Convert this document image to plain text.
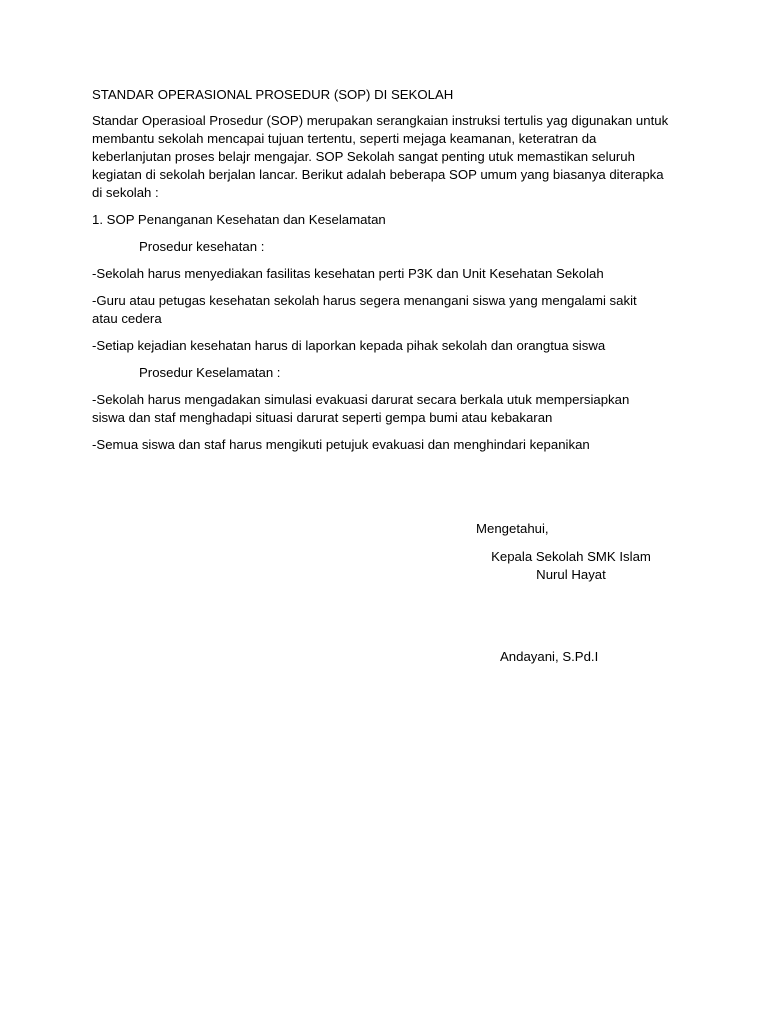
STANDAR OPERASIONAL PROSEDUR (SOP) DI SEKOLAH

Standar Operasioal Prosedur (SOP) merupakan serangkaian instruksi tertulis yag digunakan untuk membantu sekolah mencapai tujuan tertentu, seperti mejaga keamanan, keteratran da keberlanjutan proses belajr mengajar. SOP Sekolah sangat penting utuk memastikan seluruh kegiatan di sekolah berjalan lancar. Berikut adalah beberapa SOP umum yang biasanya diterapka di sekolah :

1. SOP Penanganan Kesehatan dan Keselamatan

Prosedur kesehatan :

-Sekolah harus menyediakan fasilitas kesehatan perti P3K dan Unit Kesehatan Sekolah

-Guru atau petugas kesehatan sekolah harus segera menangani siswa yang mengalami sakit atau cedera

-Setiap kejadian kesehatan harus di laporkan kepada pihak sekolah dan orangtua siswa

Prosedur Keselamatan :

-Sekolah harus mengadakan simulasi evakuasi darurat secara berkala utuk mempersiapkan siswa dan staf menghadapi situasi darurat seperti gempa bumi atau kebakaran

-Semua siswa dan staf harus mengikuti petujuk evakuasi dan menghindari kepanikan

Mengetahui,
Kepala Sekolah SMK Islam Nurul Hayat
Andayani, S.Pd.I
